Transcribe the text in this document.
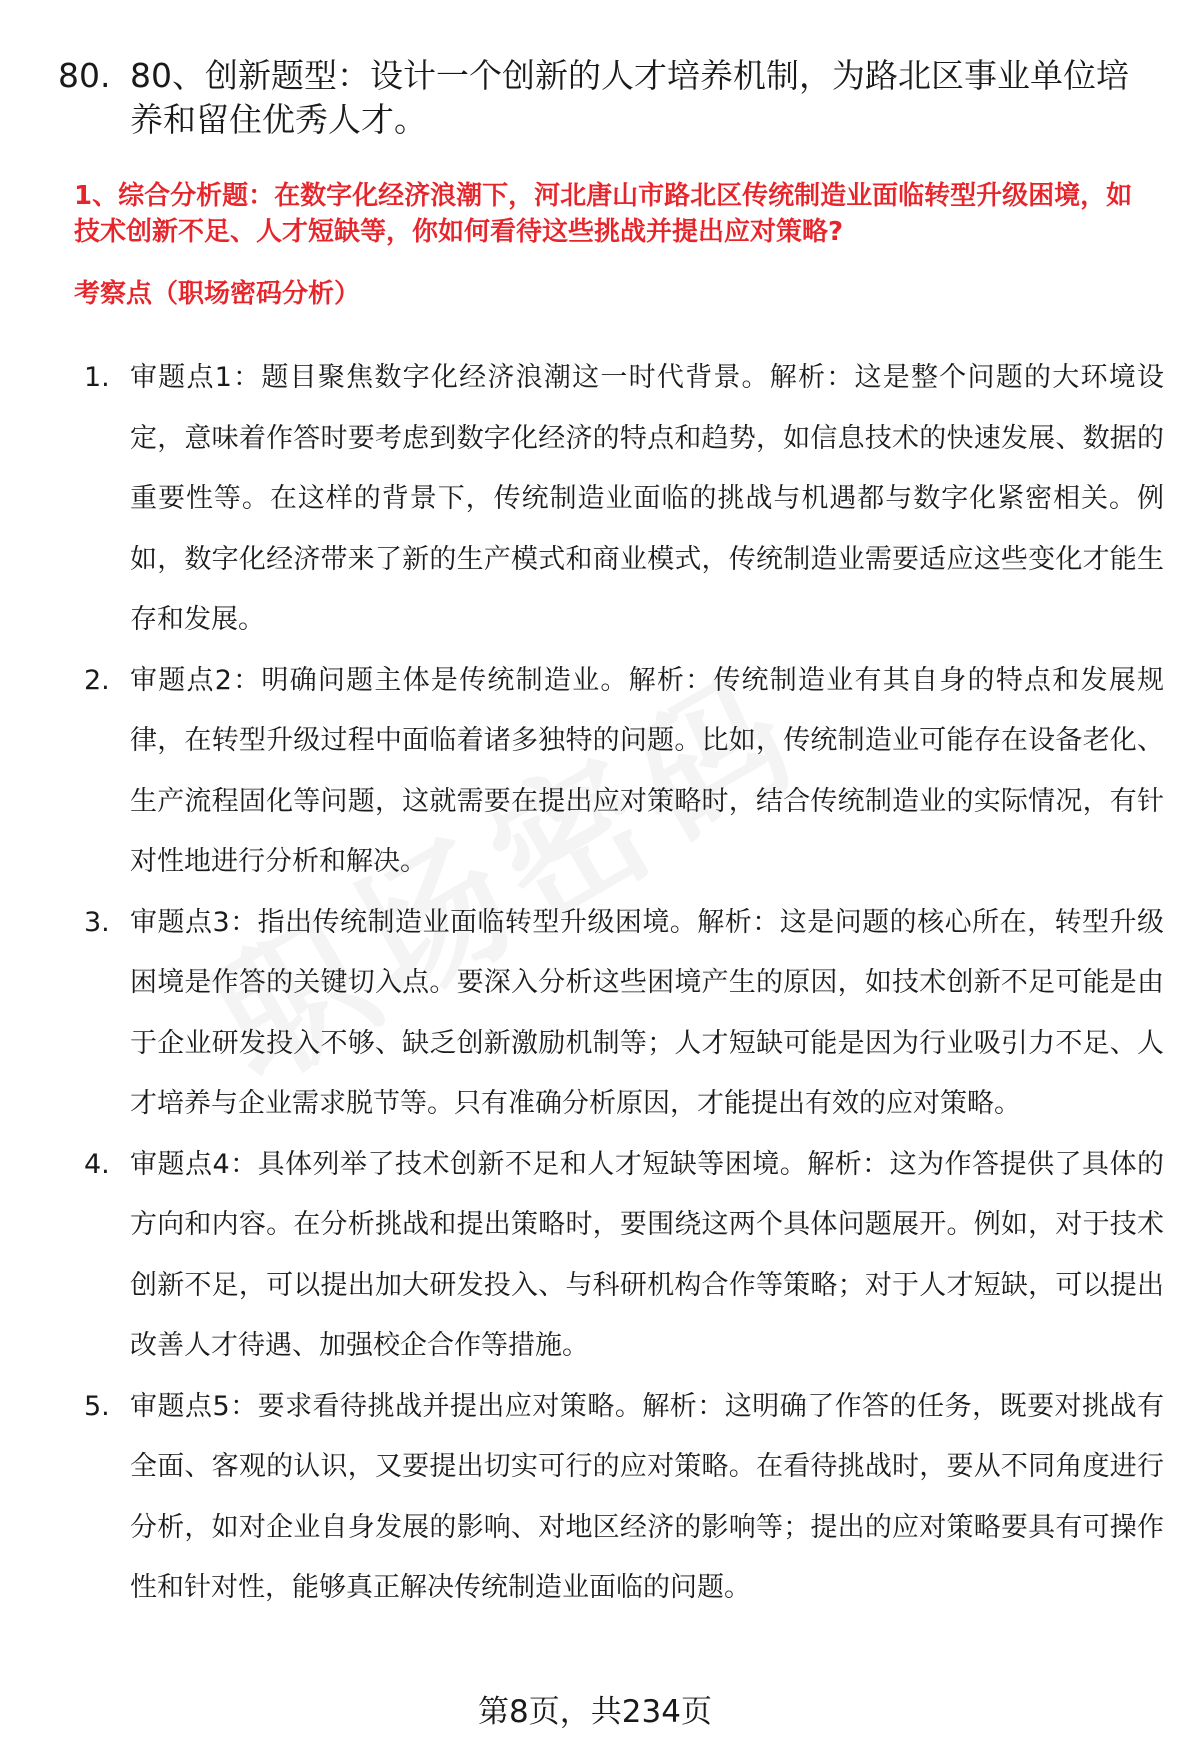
80. 80、创新题型：设计一个创新的人才培养机制，为路北区事业单位培养和留住优秀人才。
1、综合分析题：在数字化经济浪潮下，河北唐山市路北区传统制造业面临转型升级困境，如技术创新不足、人才短缺等，你如何看待这些挑战并提出应对策略?
考察点（职场密码分析）
1. 审题点1：题目聚焦数字化经济浪潮这一时代背景。解析：这是整个问题的大环境设定，意味着作答时要考虑到数字化经济的特点和趋势，如信息技术的快速发展、数据的重要性等。在这样的背景下，传统制造业面临的挑战与机遇都与数字化紧密相关。例如，数字化经济带来了新的生产模式和商业模式，传统制造业需要适应这些变化才能生存和发展。
2. 审题点2：明确问题主体是传统制造业。解析：传统制造业有其自身的特点和发展规律，在转型升级过程中面临着诸多独特的问题。比如，传统制造业可能存在设备老化、生产流程固化等问题，这就需要在提出应对策略时，结合传统制造业的实际情况，有针对性地进行分析和解决。
3. 审题点3：指出传统制造业面临转型升级困境。解析：这是问题的核心所在，转型升级困境是作答的关键切入点。要深入分析这些困境产生的原因，如技术创新不足可能是由于企业研发投入不够、缺乏创新激励机制等；人才短缺可能是因为行业吸引力不足、人才培养与企业需求脱节等。只有准确分析原因，才能提出有效的应对策略。
4. 审题点4：具体列举了技术创新不足和人才短缺等困境。解析：这为作答提供了具体的方向和内容。在分析挑战和提出策略时，要围绕这两个具体问题展开。例如，对于技术创新不足，可以提出加大研发投入、与科研机构合作等策略；对于人才短缺，可以提出改善人才待遇、加强校企合作等措施。
5. 审题点5：要求看待挑战并提出应对策略。解析：这明确了作答的任务，既要对挑战有全面、客观的认识，又要提出切实可行的应对策略。在看待挑战时，要从不同角度进行分析，如对企业自身发展的影响、对地区经济的影响等；提出的应对策略要具有可操作性和针对性，能够真正解决传统制造业面临的问题。
第8页，共234页
